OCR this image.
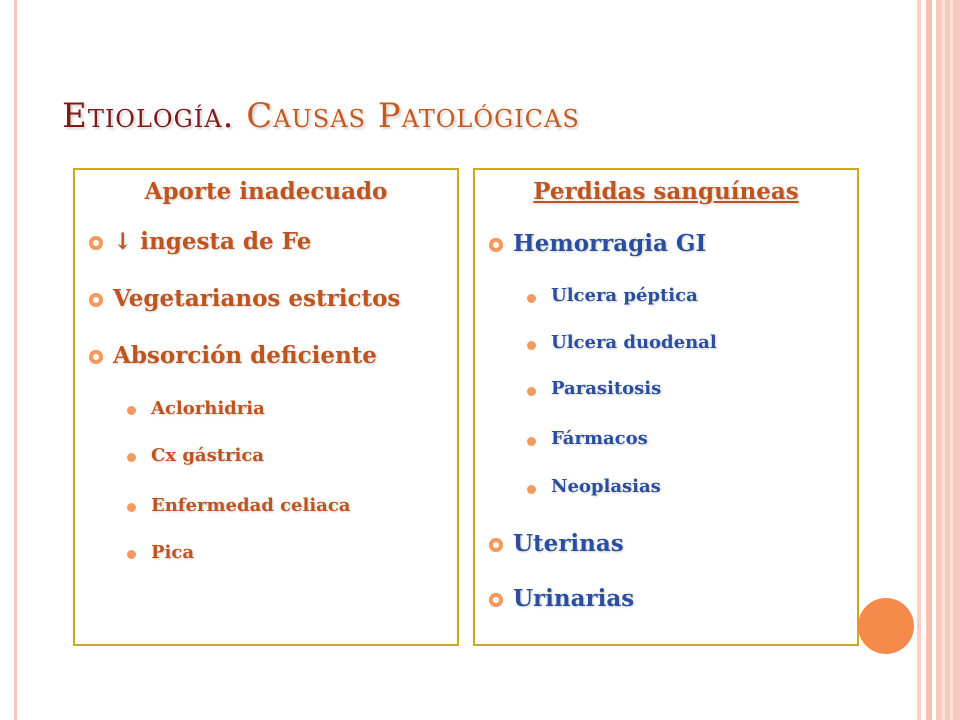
Etiología. Causas Patológicas
Aporte inadecuado
↓ ingesta de Fe
Vegetarianos estrictos
Absorción deficiente
Aclorhidria
Cx gástrica
Enfermedad celiaca
Pica
Perdidas sanguíneas
Hemorragia GI
Ulcera péptica
Ulcera duodenal
Parasitosis
Fármacos
Neoplasias
Uterinas
Urinarias
